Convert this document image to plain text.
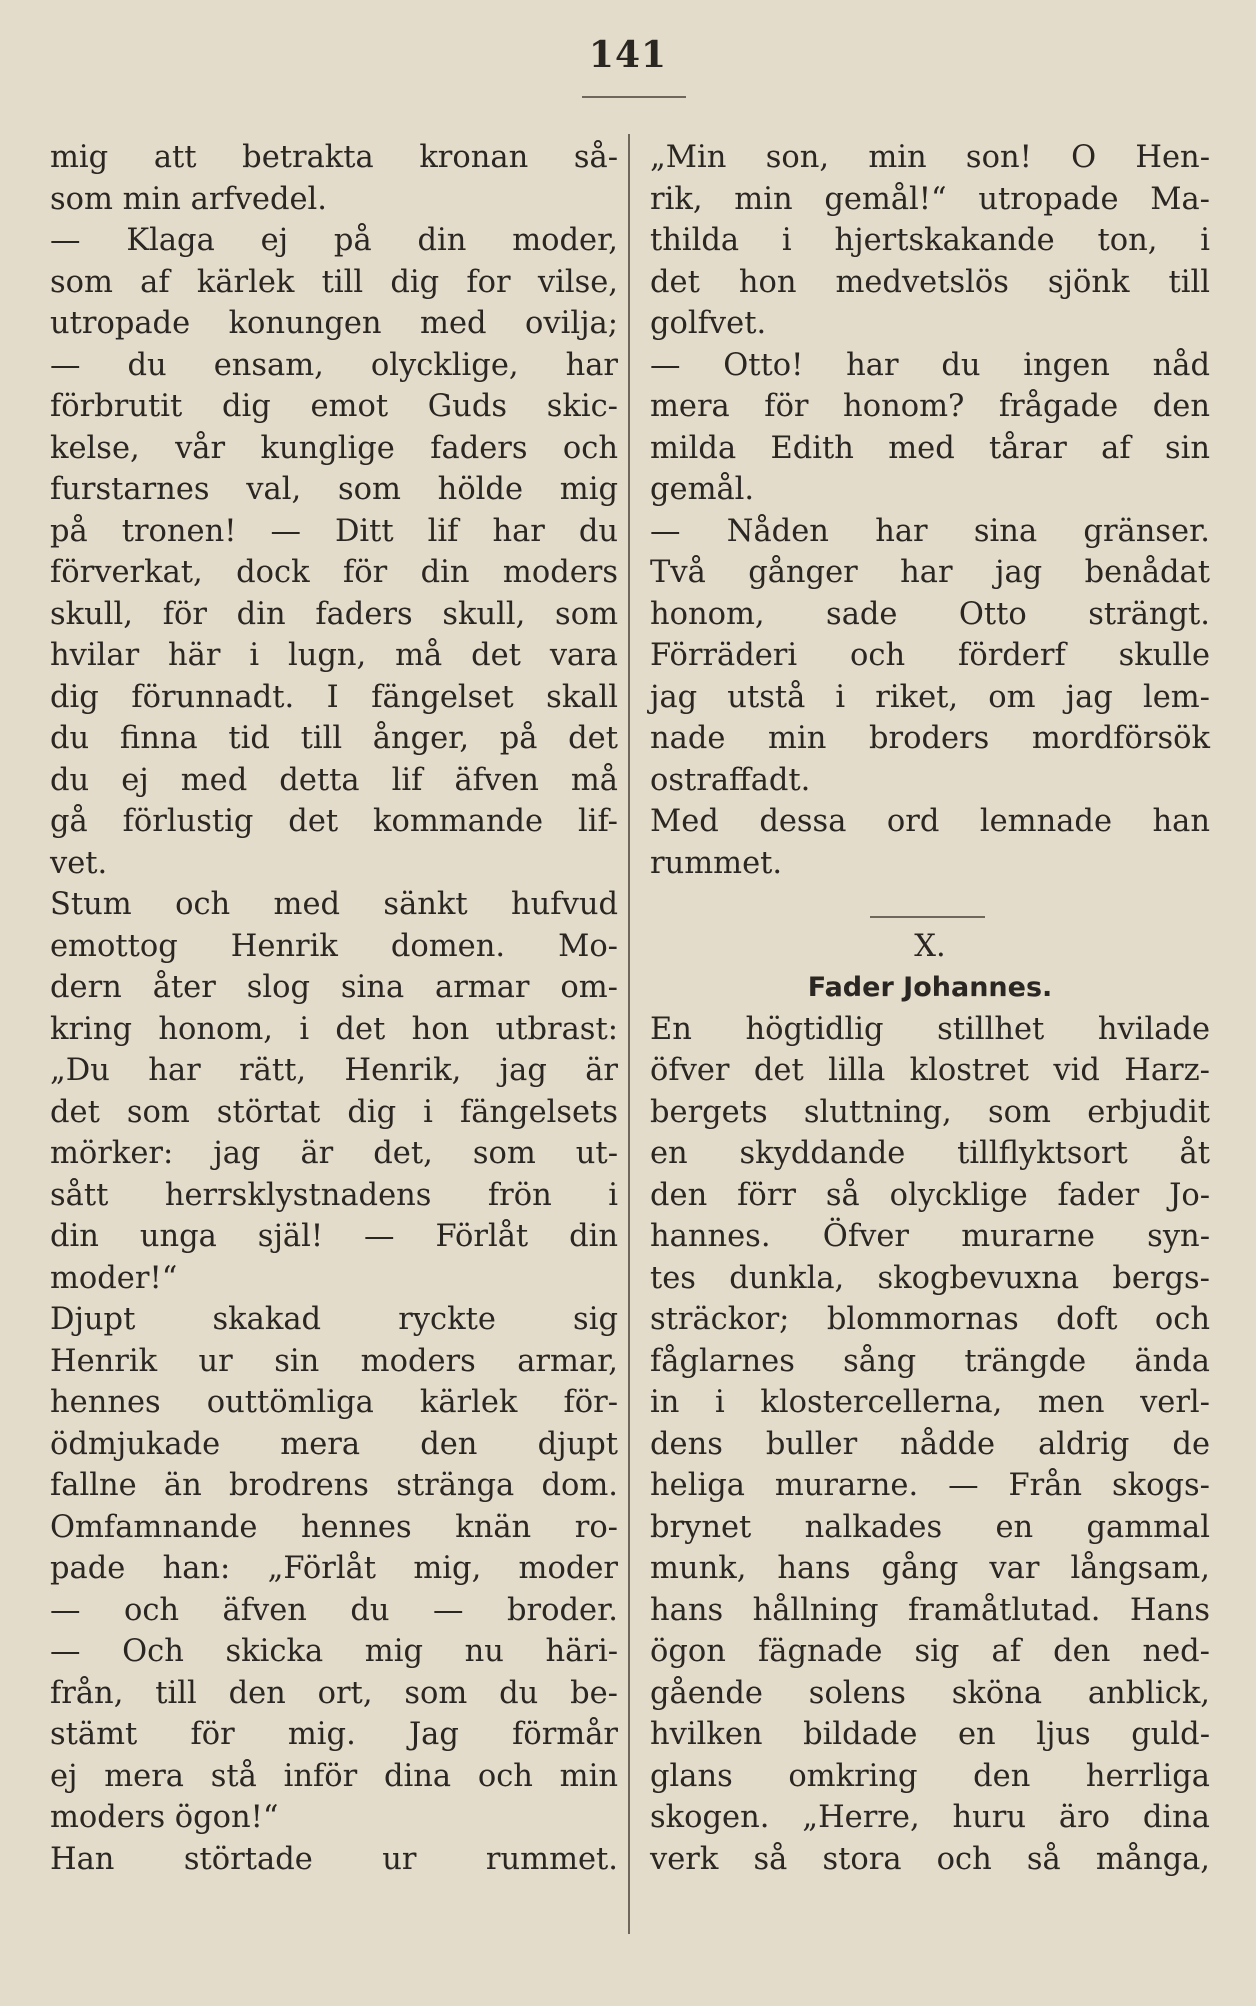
141
mig att betrakta kronan så-
som min arfvedel.
— Klaga ej på din moder,
som af kärlek till dig for vilse,
utropade konungen med ovilja;
— du ensam, olycklige, har
förbrutit dig emot Guds skic-
kelse, vår kunglige faders och
furstarnes val, som hölde mig
på tronen! — Ditt lif har du
förverkat, dock för din moders
skull, för din faders skull, som
hvilar här i lugn, må det vara
dig förunnadt. I fängelset skall
du finna tid till ånger, på det
du ej med detta lif äfven må
gå förlustig det kommande lif-
vet.
Stum och med sänkt hufvud
emottog Henrik domen. Mo-
dern åter slog sina armar om-
kring honom, i det hon utbrast:
„Du har rätt, Henrik, jag är
det som störtat dig i fängelsets
mörker: jag är det, som ut-
sått herrsklystnadens frön i
din unga själ! — Förlåt din
moder!“
Djupt skakad ryckte sig
Henrik ur sin moders armar,
hennes outtömliga kärlek för-
ödmjukade mera den djupt
fallne än brodrens stränga dom.
Omfamnande hennes knän ro-
pade han: „Förlåt mig, moder
— och äfven du — broder.
— Och skicka mig nu häri-
från, till den ort, som du be-
stämt för mig. Jag förmår
ej mera stå inför dina och min
moders ögon!“
Han störtade ur rummet.
„Min son, min son! O Hen-
rik, min gemål!“ utropade Ma-
thilda i hjertskakande ton, i
det hon medvetslös sjönk till
golfvet.
— Otto! har du ingen nåd
mera för honom? frågade den
milda Edith med tårar af sin
gemål.
— Nåden har sina gränser.
Två gånger har jag benådat
honom, sade Otto strängt.
Förräderi och förderf skulle
jag utstå i riket, om jag lem-
nade min broders mordförsök
ostraffadt.
Med dessa ord lemnade han
rummet.
X.
Fader Johannes.
En högtidlig stillhet hvilade
öfver det lilla klostret vid Harz-
bergets sluttning, som erbjudit
en skyddande tillflyktsort åt
den förr så olycklige fader Jo-
hannes. Öfver murarne syn-
tes dunkla, skogbevuxna bergs-
sträckor; blommornas doft och
fåglarnes sång trängde ända
in i klostercellerna, men verl-
dens buller nådde aldrig de
heliga murarne. — Från skogs-
brynet nalkades en gammal
munk, hans gång var långsam,
hans hållning framåtlutad. Hans
ögon fägnade sig af den ned-
gående solens sköna anblick,
hvilken bildade en ljus guld-
glans omkring den herrliga
skogen. „Herre, huru äro dina
verk så stora och så många,
